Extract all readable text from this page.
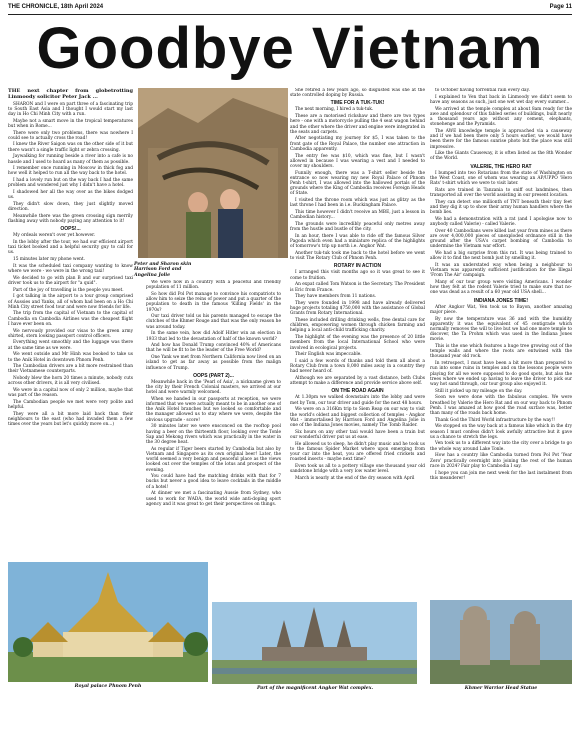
THE CHRONICLE, 18th April 2024	Page 11
Goodbye Vietnam

THE next chapter from globetrotting Linmoody solicitor Peter Jack ...

SHARON and I were on part three of a fascinating trip to South East Asia and I thought I would start my last day in Ho Chi Minh City with a run.

Maybe not a smart move in the tropical temperatures but when in Rome...

There were only two problems, there was nowhere I could see to actually cross the road!

I knew the River Saigon was on the other side of it but there wasn't a single traffic light or zebra crossing.

Jaywalking for running beside a river into a cafe is no hassle and I used to hoard as many of them as possible.

I remember once running in Moscow in thick fog and how well it helped to run all the way back to the hotel.

I had a lovely run but on the way back I had the same problem and wondered just why I didn't have a hotel.

I shadowed her all the way over as the bikes dodged us.

They didn't slow down, they just slightly moved direction.

Meanwhile there was the green crossing sign merrily flashing away with nobody paying any attention to it!

OOPS!...

My ordeals weren't over yet however.

In the lobby after the tour, we had our efficient airport taxi ticket booked and a helpful security guy to call for us.

15 minutes later my phone went.

It was the scheduled taxi company wanting to know where we were - we were in the wrong taxi!

We decided to go with plan B and our surprised taxi driver took us to the airport for "a quid".

Part of the joy of travelling is the people you meet.

I got talking in the airport to a tour group comprised of Aussies and Yanks, all of whom had been on a Ho Chi Minh City street food tour and were now friends for life.

The trip from the capital of Vietnam to the capital of Cambodia on Cambodia Airlines was the cheapest flight I have ever been on.

We nervously provided our visas to the green army shirted, stern looking passport control officers.

Everything went smoothly and the luggage was there at the same time as we were.

We went outside and Mr Hinh was booked to take us to the Anik Hotel in downtown Phnom Penh.

The Cambodian drivers are a bit more restrained than their Vietnamese counterparts.

Nobody blew the horn 20 times a minute, nobody cuts across other drivers, it is all very civilised.

We were in a capital now of only 2 million, maybe that was part of the reason.

The Cambodian people we met were very polite and helpful.

They were all a bit more laid back than their neighbours to the east (who had invaded them a few times over the years but let's quickly move on...)

Peter and Sharon skin Harrison Ford and Angelina Jolie

We were now in a country with a peaceful and friendly population of 11 million.

So how did Pol Pot manage to convince his compatriots to allow him to seize the reins of power and put a quarter of the population to death in the famous 'Killing Fields' in the 1970s?

Our taxi driver told us his parents managed to escape the clutches of the Khmer Rouge and that was the only reason he was around today.

In the same vein, how did Adolf Hitler win an election in 1933 that led to the devastation of half of the known world?

And how has Donald Trump convinced 40% of Americans that he will be fit to be the leader of the Free World?

One Yank we met from Northern California now lived on an island to get as far away as possible from the malign influence of Trump.

OOPS (PART 2)...

Meanwhile back in the 'Pearl of Asia', a nickname given to the city by their French Colonial masters, we arrived at our hotel and were warmly welcomed.

When we handed in our passports at reception, we were informed that we were actually meant to be in another one of the Anik Hotel branches but we looked so comfortable and the manager allowed us to stay where we were, despite the obvious upgrade - score!

30 minutes later we were ensconced on the rooftop pool having a beer on the thirteenth floor, looking over the Tonle Sap and Mekong rivers which was practically in the water in the 30 degree heat.

As regular if Tiger beers started by Cambodia but also by Vietnam and Singapore as its own original beer! Later, the world seemed a very benign and peaceful place as the views looked out over the temples of the lotus and prospect of the evening.

You could have had the matching drinks with that for 7 bucks but never a good idea to leave cocktails in the middle of a hotel!

At dinner we met a fascinating Aussie from Sydney, who used to work for WADA, the world wide anti-doping sport agency and it was great to get their perspectives on things.

She retired a few years ago, so disgusted was she at the state controlled doping by Russia.

TIME FOR A TUK-TUK!

The next morning, I hired a tuk-tuk.

These are a motorised rickshaw and there are two types here - one with a motorcycle pulling the 4 seat wagon behind and the other where the driver and engine were integrated in the seats and carpets.

After negotiating my journey for $5, I was taken to the front gate of the Royal Palace, the number one attraction in Cambodia apparently.

The entry fee was $10, which was fine, but I wasn't allowed in because I was wearing a vest and I needed to cover my shoulders.

Funnily enough, there was a T-shirt seller beside the entrance so now wearing my new Royal Palace of Phnom Penh t-shirt, I was allowed into the hallowed portals of the grounds where the King of Cambodia receives Foreign Heads of State.

I visited the throne room which was just as glitzy as the last throne I had been in i.e. Buckingham Palace.

This time however I didn't receive an MBE, just a lesson in Cambodian history...

The grounds were incredibly peaceful only metres away from the hustle and bustle of the city.

In an hour, there I was able to ride off the famous Silver Pagoda which even had a miniature replica of the highlights of tomorrow's trip up north i.e. Angkor Wat.

Another tuk-tuk took me back to the hotel before we went to visit The Rotary Club of Phnom Penh.

ROTARY IN ACTION

I arranged this visit months ago so it was great to see it come to fruition.

An expat called Tom Watson is the Secretary. The President is Eric from France.

They have members from 11 nations.

They were founded in 1998 and have already delivered huge projects totaling $750,000 with the assistance of Global Grants from Rotary International.

These included drilling drinking wells, free dental care for children, empowering women through chicken farming and helping a local anti-child trafficking charity.

The highlight of the evening was the presence of 20 little members from the local International School who were involved in ecological projects.

Their English was impeccable.

I said a few words of thanks and told them all about a Rotary Club from a town 8,000 miles away in a country they had never heard of.

Although we are separated by a vast distance, both Clubs attempt to make a difference and provide service above self.

ON THE ROAD AGAIN

At 1.30pm we walked downstairs into the lobby and were met by Tom, our tour driver and guide for the next 48 hours.

We were on a 316Km trip to Siem Reap on our way to visit the world's oldest and biggest collection of temples - Angkor Wat - immortalised by Harrison Ford and Angelina Jolie in one of the Indiana Jones movies, namely The Tomb Raider.

Six hours on any other taxi would have been a train but our wonderful driver put us at ease.

He allowed us to sleep, he didn't play music and he took us to the famous Spider Market where upon emerging from your car into the heat, you are offered fried crickets and roasted insects - maybe next time?

Even took us all to a pottery village one thousand year old sandstone bridge with a very low water level.

March is nearly at the end of the dry season with April

to October having torrential rain every day.

I explained to Ven that back in Linmoody we didn't seem to have any seasons as such, just one wet wet day every summer...

We arrived at the temple complex at about 8am ready for the awe and splendour of this fabled series of buildings, built nearly a thousand years ago without any cement, elephants, stonehenge and the Pyramids.

The AWE knowledge temple is approached via a causeway and if we had been there only 5 hours earlier, we would have been there for the famous sunrise photo but the place was still impressive.

Like the Giants Causeway, it is often listed as the 8th Wonder of the World.

VALERIE, THE HERO RAT

I bumped into two Rotarians from the state of Washington on the West Coast, one of whom was wearing an AP/UPPO 'Hero Rats' t-shirt which we were to visit later.

Rats are trained in Tanzania to sniff out landmines, then transported all over the world assisting in our present location.

They can detect one millionth of TNT beneath their tiny feet and they dig it up to show their army human handlers where the bomb lies.

We had a demonstration with a rat (and I apologise now to anybody called Valerie) - called Valerie.

Over 40 Cambodians were killed last year from mines as there are over 4,000,000 pieces of unexploded ordnance still in the ground after the USA's carpet bombing of Cambodia to undermine the Vietnam war effort.

We had a big surprise from this rat. It was being trained to allow it to find the next bomb just by smelling it.

It was an understated way when being a neighbour to Vietnam was apparently sufficient justification for the Illegal 'From The Air' campaign.

Many of our tour group were visiting Americans. I wonder how they felt at the rodent Valerie tried to make sure that no-one was dead as a result of a 60 year old USA shell...

INDIANA JONES TIME!

After Angkor Wat, Ven took us to Bayon, another amazing major piece.

By now the temperature was 36 and with the humidity apparently it was the equivalent of 45 centigrade which normally removes the will to live but we had one more temple to discover, the Ta Prohm which was used in the Indiana Jones movie.

This is the one which features a huge tree growing out of the temple walls and where the roots are entwined with the thousand year old rock.

In retrospect, I must have been a bit more than prepared to run into some ruins in temples and on the lessons people were playing for all we were supposed to do good spots, but also the trees where we ended up having to leave the driver to pick our way hot sand through, our tour group also enjoyed it.

Still it picked up my mileage on the day.

Soon we were done with the fabulous complex. We were breathed by Valerie the Hero Rat and on our way back to Phnom Penh. I was amazed at how good the road surface was, better than many of the roads back home.

Thank God the Third World infrastructure by the way!!

We stopped on the way back at a famous hike which in the dry season I must confess didn't look awfully attractive but it gave us a chance to stretch the legs.

Ven took us to a different way into the city over a bridge to go the whole way around Lake Tonle.

How has a country like Cambodia turned from Pol Pot 'Year Zero' practically overnight into joining the rest of the human race in 2024? Fair play to Cambodia I say.

I hope you can join me next week for the last instalment from this meanderer!

Royal palace Phnom Penh	Part of the magnificent Angkor Wat complex.	Khmer Warrior Head Statue
